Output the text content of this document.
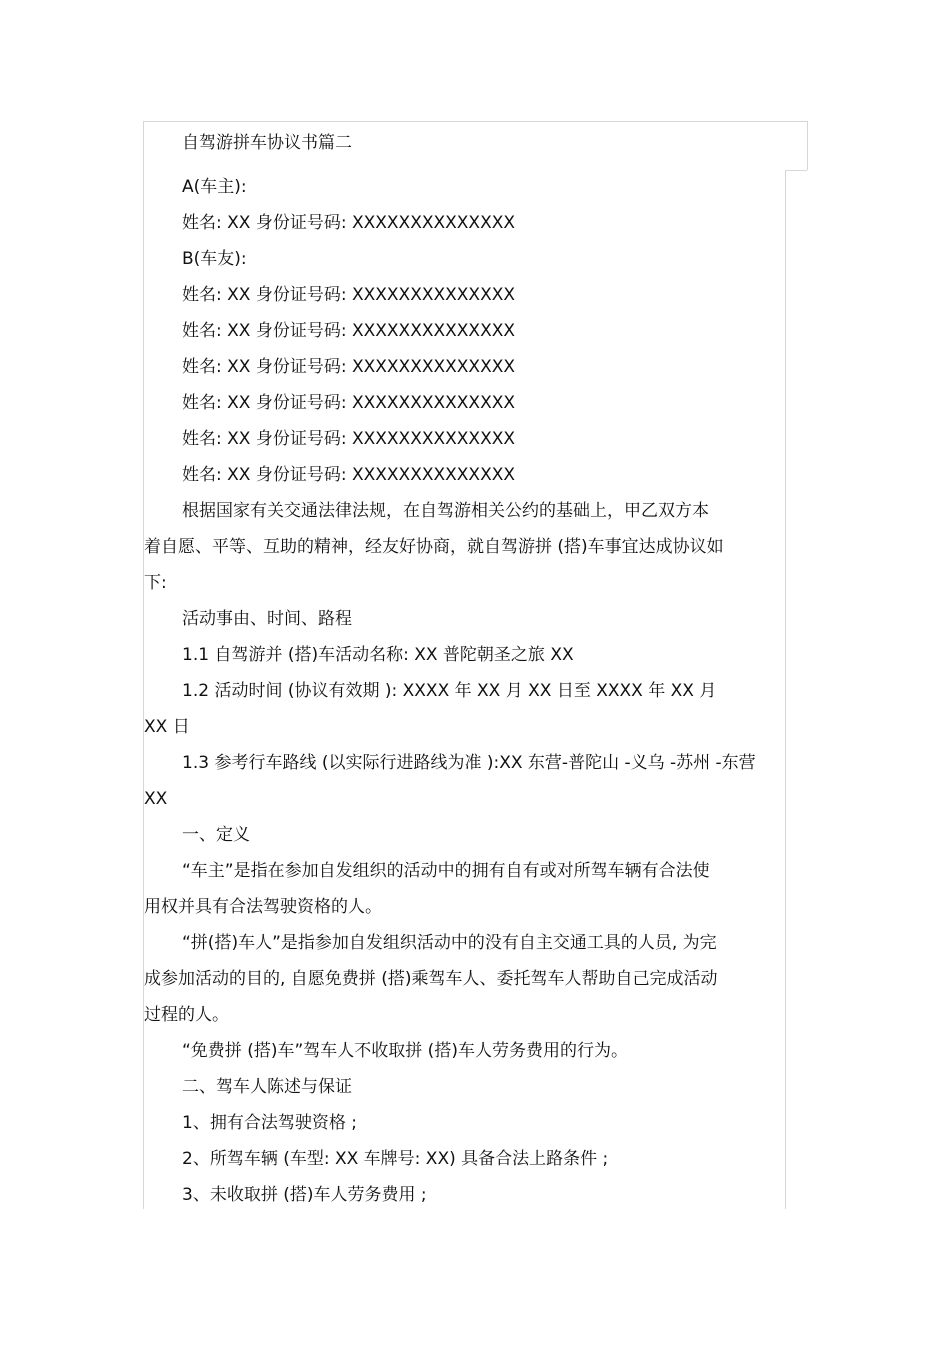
自驾游拼车协议书篇二
A(车主):
姓名: XX 身份证号码: XXXXXXXXXXXXXX
B(车友):
姓名: XX 身份证号码: XXXXXXXXXXXXXX
姓名: XX 身份证号码: XXXXXXXXXXXXXX
姓名: XX 身份证号码: XXXXXXXXXXXXXX
姓名: XX 身份证号码: XXXXXXXXXXXXXX
姓名: XX 身份证号码: XXXXXXXXXXXXXX
姓名: XX 身份证号码: XXXXXXXXXXXXXX
根据国家有关交通法律法规，在自驾游相关公约的基础上，甲乙双方本
着自愿、平等、互助的精神，经友好协商，就自驾游拼 (搭)车事宜达成协议如
下:
活动事由、时间、路程
1.1 自驾游并 (搭)车活动名称: XX 普陀朝圣之旅 XX
1.2 活动时间 (协议有效期 ): XXXX 年 XX 月 XX 日至 XXXX 年 XX 月
XX 日
1.3 参考行车路线 (以实际行进路线为准 ):XX 东营-普陀山 -义乌 -苏州 -东营
XX
一、定义
“车主”是指在参加自发组织的活动中的拥有自有或对所驾车辆有合法使
用权并具有合法驾驶资格的人。
“拼(搭)车人”是指参加自发组织活动中的没有自主交通工具的人员, 为完
成参加活动的目的, 自愿免费拼 (搭)乘驾车人、委托驾车人帮助自己完成活动
过程的人。
“免费拼 (搭)车”驾车人不收取拼 (搭)车人劳务费用的行为。
二、驾车人陈述与保证
1、拥有合法驾驶资格 ;
2、所驾车辆 (车型: XX 车牌号: XX) 具备合法上路条件 ;
3、未收取拼 (搭)车人劳务费用 ;
